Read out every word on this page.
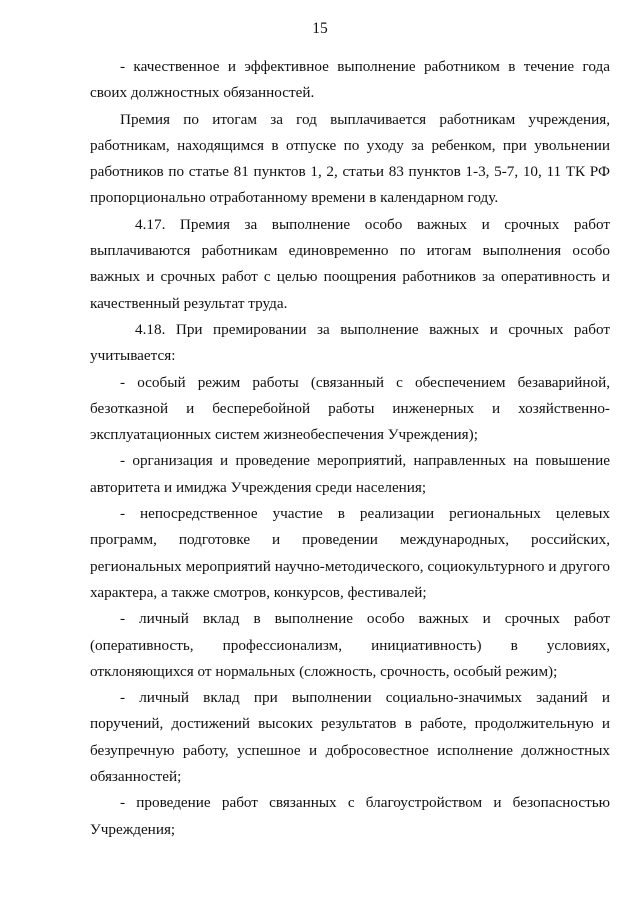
15

- качественное и эффективное выполнение работником в течение года своих должностных обязанностей.

Премия по итогам за год выплачивается работникам учреждения, работникам, находящимся в отпуске по уходу за ребенком, при увольнении работников по статье 81 пунктов 1, 2, статьи 83 пунктов 1-3, 5-7, 10, 11 ТК РФ пропорционально отработанному времени в календарном году.

4.17. Премия за выполнение особо важных и срочных работ выплачиваются работникам единовременно по итогам выполнения особо важных и срочных работ с целью поощрения работников за оперативность и качественный результат труда.

4.18. При премировании за выполнение важных и срочных работ учитывается:

- особый режим работы (связанный с обеспечением безаварийной, безотказной и бесперебойной работы инженерных и хозяйственно-эксплуатационных систем жизнеобеспечения Учреждения);

- организация и проведение мероприятий, направленных на повышение авторитета и имиджа Учреждения среди населения;

- непосредственное участие в реализации региональных целевых программ, подготовке и проведении международных, российских, региональных мероприятий научно-методического, социокультурного и другого характера, а также смотров, конкурсов, фестивалей;

- личный вклад в выполнение особо важных и срочных работ (оперативность, профессионализм, инициативность) в условиях, отклоняющихся от нормальных (сложность, срочность, особый режим);

- личный вклад при выполнении социально-значимых заданий и поручений, достижений высоких результатов в работе, продолжительную и безупречную работу, успешное и добросовестное исполнение должностных обязанностей;

- проведение работ связанных с благоустройством и безопасностью Учреждения;
